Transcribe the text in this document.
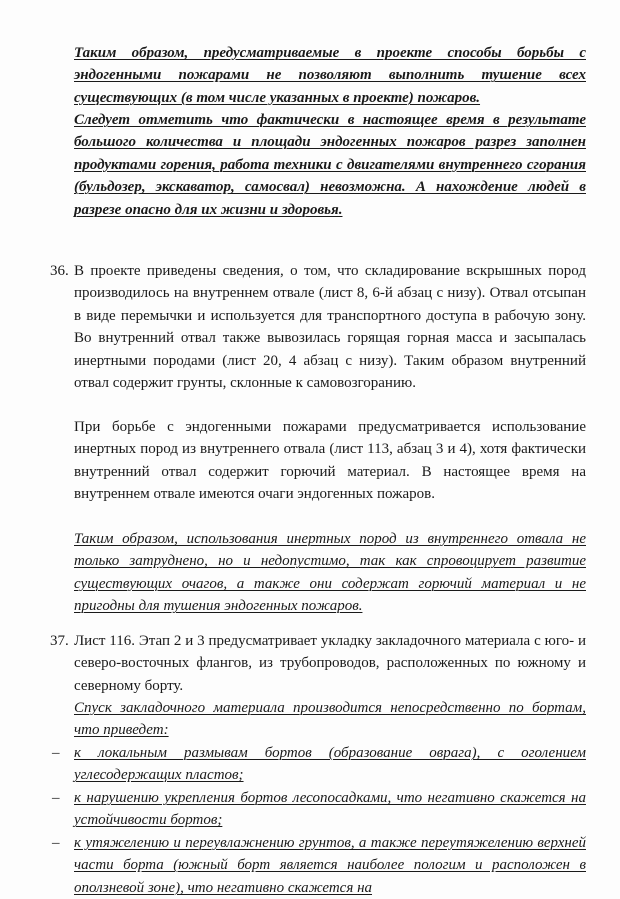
Таким образом, предусматриваемые в проекте способы борьбы с эндогенными пожарами не позволяют выполнить тушение всех существующих (в том числе указанных в проекте) пожаров.

Следует отметить что фактически в настоящее время в результате большого количества и площади эндогенных пожаров разрез заполнен продуктами горения, работа техники с двигателями внутреннего сгорания (бульдозер, экскаватор, самосвал) невозможна. А нахождение людей в разрезе опасно для их жизни и здоровья.

36. В проекте приведены сведения, о том, что складирование вскрышных пород производилось на внутреннем отвале (лист 8, 6-й абзац с низу). Отвал отсыпан в виде перемычки и используется для транспортного доступа в рабочую зону. Во внутренний отвал также вывозилась горящая горная масса и засыпалась инертными породами (лист 20, 4 абзац с низу). Таким образом внутренний отвал содержит грунты, склонные к самовозгоранию.

При борьбе с эндогенными пожарами предусматривается использование инертных пород из внутреннего отвала (лист 113, абзац 3 и 4), хотя фактически внутренний отвал содержит горючий материал. В настоящее время на внутреннем отвале имеются очаги эндогенных пожаров.

Таким образом, использования инертных пород из внутреннего отвала не только затруднено, но и недопустимо, так как спровоцирует развитие существующих очагов, а также они содержат горючий материал и не пригодны для тушения эндогенных пожаров.

37. Лист 116. Этап 2 и 3 предусматривает укладку закладочного материала с юго- и северо-восточных флангов, из трубопроводов, расположенных по южному и северному борту.

Спуск закладочного материала производится непосредственно по бортам, что приведет:

– к локальным размывам бортов (образование оврага), с оголением углесодержащих пластов;

– к нарушению укрепления бортов лесопосадками, что негативно скажется на устойчивости бортов;

– к утяжелению и переувлажнению грунтов, а также переутяжелению верхней части борта (южный борт является наиболее пологим и расположен в оползневой зоне), что негативно скажется на
